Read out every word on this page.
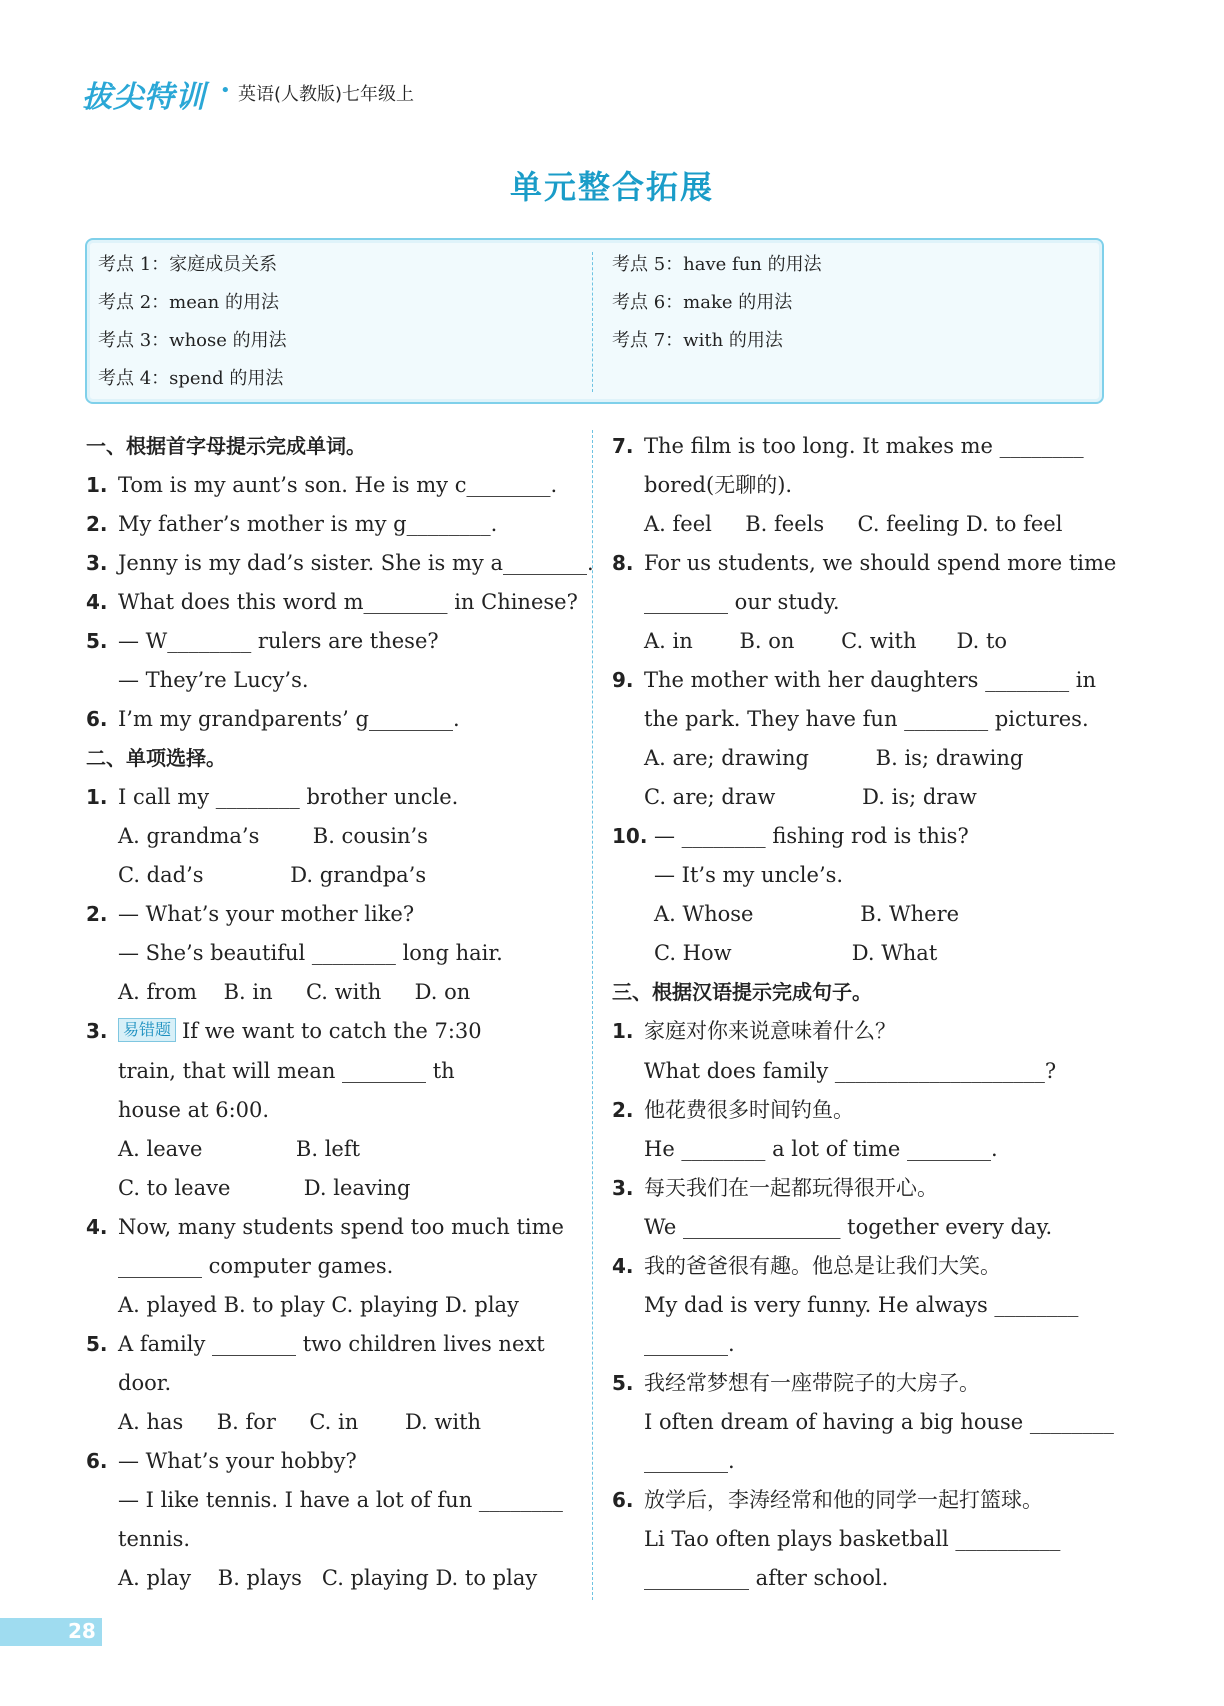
拔尖特训 • 英语(人教版)七年级上
单元整合拓展
考点 1：家庭成员关系
考点 2：mean 的用法
考点 3：whose 的用法
考点 4：spend 的用法
考点 5：have fun 的用法
考点 6：make 的用法
考点 7：with 的用法
一、根据首字母提示完成单词。
1. Tom is my aunt’s son. He is my c________.
2. My father’s mother is my g________.
3. Jenny is my dad’s sister. She is my a________.
4. What does this word m________ in Chinese?
5. — W________ rulers are these?
— They’re Lucy’s.
6. I’m my grandparents’ g________.
二、单项选择。
1. I call my ________ brother uncle.
A. grandma’s        B. cousin’s
C. dad’s             D. grandpa’s
2. — What’s your mother like?
— She’s beautiful ________ long hair.
A. from    B. in     C. with     D. on
3. 易错题 If we want to catch the 7:30
train, that will mean ________ th
house at 6:00.
A. leave              B. left
C. to leave           D. leaving
4. Now, many students spend too much time
________ computer games.
A. played B. to play C. playing D. play
5. A family ________ two children lives next
door.
A. has     B. for     C. in       D. with
6. — What’s your hobby?
— I like tennis. I have a lot of fun ________
tennis.
A. play    B. plays   C. playing D. to play
7. The film is too long. It makes me ________
bored(无聊的).
A. feel     B. feels     C. feeling D. to feel
8. For us students, we should spend more time
________ our study.
A. in       B. on       C. with      D. to
9. The mother with her daughters ________ in
the park. They have fun ________ pictures.
A. are; drawing          B. is; drawing
C. are; draw             D. is; draw
10. — ________ fishing rod is this?
— It’s my uncle’s.
A. Whose                B. Where
C. How                  D. What
三、根据汉语提示完成句子。
1. 家庭对你来说意味着什么？
What does family ____________________?
2. 他花费很多时间钓鱼。
He ________ a lot of time ________.
3. 每天我们在一起都玩得很开心。
We _______________ together every day.
4. 我的爸爸很有趣。他总是让我们大笑。
My dad is very funny. He always ________
________.
5. 我经常梦想有一座带院子的大房子。
I often dream of having a big house ________
________.
6. 放学后，李涛经常和他的同学一起打篮球。
Li Tao often plays basketball __________
__________ after school.
28
